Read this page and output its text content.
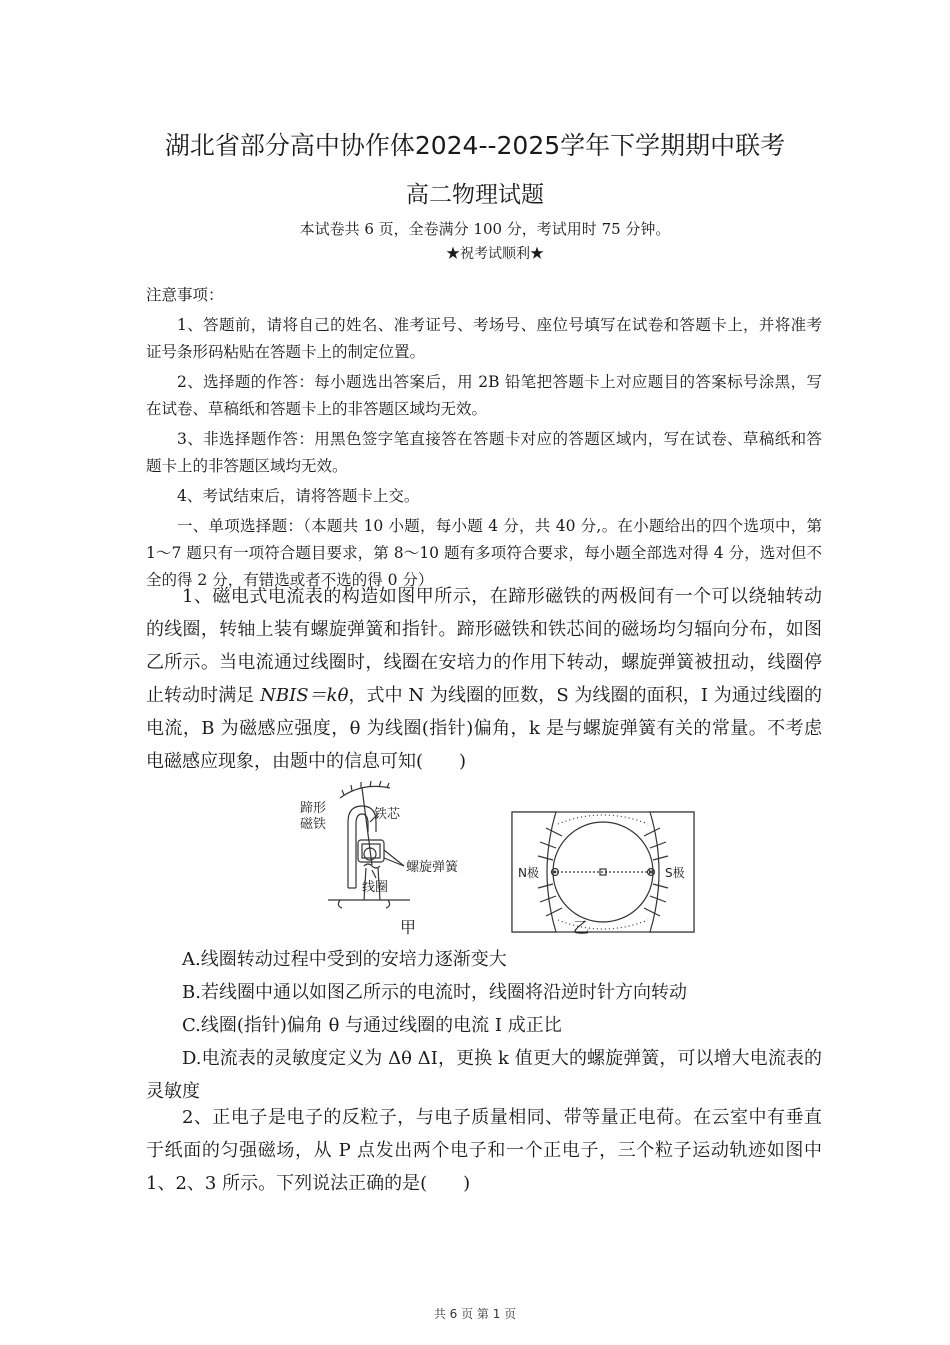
湖北省部分高中协作体2024--2025学年下学期期中联考
高二物理试题
本试卷共 6 页，全卷满分 100 分，考试用时 75 分钟。
★祝考试顺利★

注意事项：

1、答题前，请将自己的姓名、准考证号、考场号、座位号填写在试卷和答题卡上，并将准考证号条形码粘贴在答题卡上的制定位置。

2、选择题的作答：每小题选出答案后，用 2B 铅笔把答题卡上对应题目的答案标号涂黑，写在试卷、草稿纸和答题卡上的非答题区域均无效。

3、非选择题作答：用黑色签字笔直接答在答题卡对应的答题区域内，写在试卷、草稿纸和答题卡上的非答题区域均无效。

4、考试结束后，请将答题卡上交。

一、单项选择题：（本题共 10 小题，每小题 4 分，共 40 分,。在小题给出的四个选项中，第 1～7 题只有一项符合题目要求，第 8～10 题有多项符合要求，每小题全部选对得 4 分，选对但不全的得 2 分，有错选或者不选的得 0 分）

1、磁电式电流表的构造如图甲所示，在蹄形磁铁的两极间有一个可以绕轴转动的线圈，转轴上装有螺旋弹簧和指针。蹄形磁铁和铁芯间的磁场均匀辐向分布，如图乙所示。当电流通过线圈时，线圈在安培力的作用下转动，螺旋弹簧被扭动，线圈停止转动时满足 NBIS＝kθ，式中 N 为线圈的匝数，S 为线圈的面积，I 为通过线圈的电流，B 为磁感应强度，θ 为线圈(指针)偏角，k 是与螺旋弹簧有关的常量。不考虑电磁感应现象，由题中的信息可知(　　)

蹄形
磁铁
铁芯
螺旋弹簧
线圈
甲
N极	S极
乙

A.线圈转动过程中受到的安培力逐渐变大

B.若线圈中通以如图乙所示的电流时，线圈将沿逆时针方向转动

C.线圈(指针)偏角 θ 与通过线圈的电流 I 成正比

D.电流表的灵敏度定义为 Δθ ΔI，更换 k 值更大的螺旋弹簧，可以增大电流表的灵敏度

2、正电子是电子的反粒子，与电子质量相同、带等量正电荷。在云室中有垂直于纸面的匀强磁场，从 P 点发出两个电子和一个正电子，三个粒子运动轨迹如图中 1、2、3 所示。下列说法正确的是(　　)

共 6 页 第 1 页
